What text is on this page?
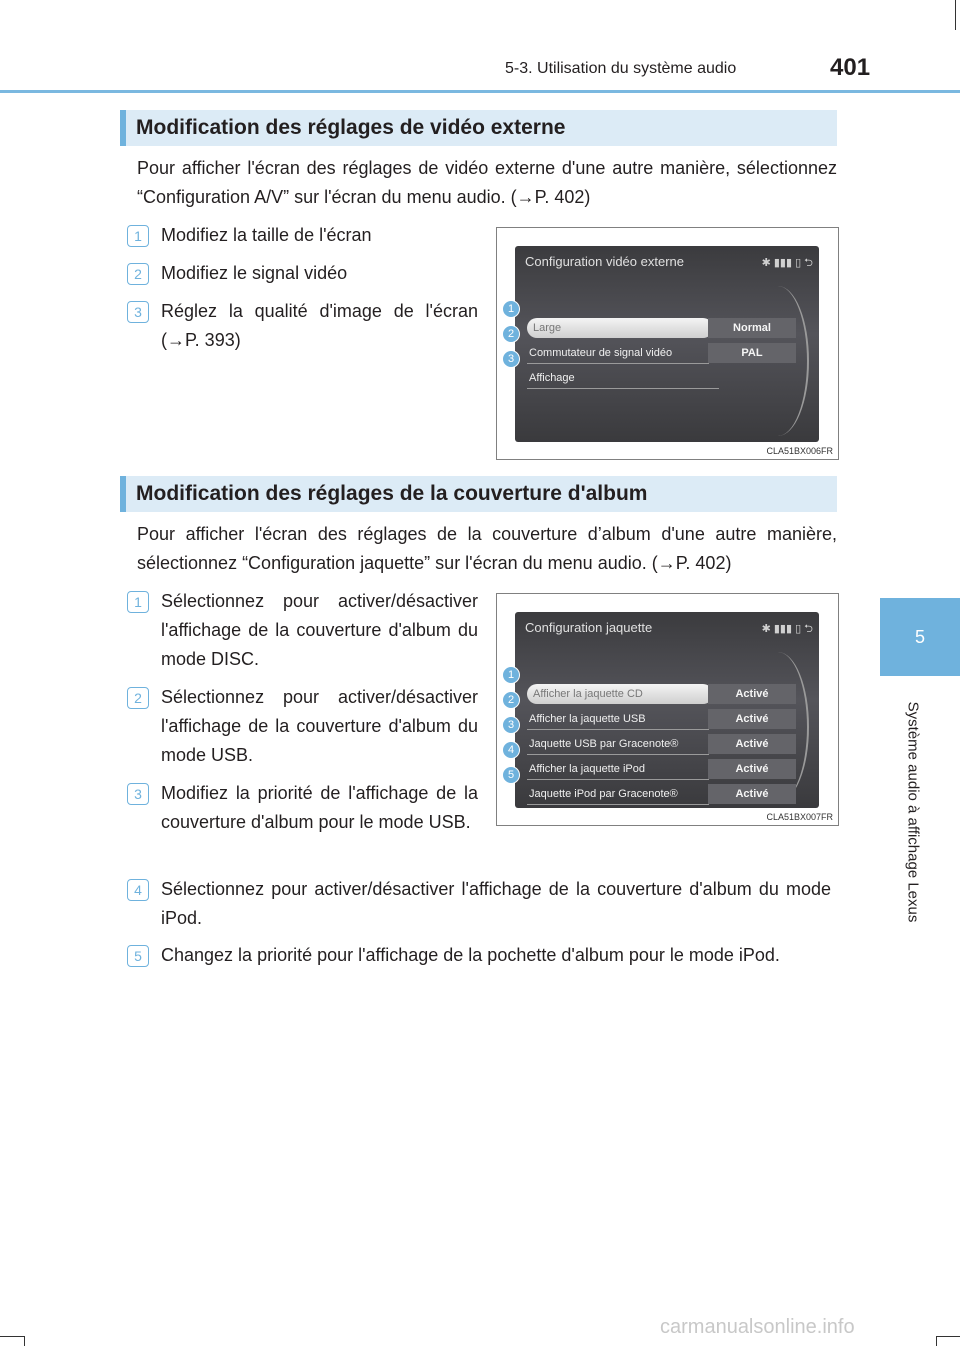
5-3. Utilisation du système audio	401
5
Système audio à affichage Lexus
Modification des réglages de vidéo externe
Pour afficher l'écran des réglages de vidéo externe d'une autre manière, sélectionnez “Configuration A/V” sur l'écran du menu audio. (→P. 402)
1	Modifiez la taille de l'écran
2	Modifiez le signal vidéo
3	Réglez la qualité d'image de l'écran (→P. 393)
Configuration vidéo externe	✱ ▮▮▮ ▯ ⮌
Large	Normal
Commutateur de signal vidéo	PAL
Affichage
1
2
3
CLA51BX006FR
Modification des réglages de la couverture d'album
Pour afficher l'écran des réglages de la couverture d’album d'une autre manière, sélectionnez “Configuration jaquette” sur l'écran du menu audio. (→P. 402)
1	Sélectionnez pour activer/désactiver l'affichage de la couverture d'album du mode DISC.
2	Sélectionnez pour activer/désactiver l'affichage de la couverture d'album du mode USB.
3	Modifiez la priorité de l'affichage de la couverture d'album pour le mode USB.
4	Sélectionnez pour activer/désactiver l'affichage de la couverture d'album du mode iPod.
5	Changez la priorité pour l'affichage de la pochette d'album pour le mode iPod.
Configuration jaquette	✱ ▮▮▮ ▯ ⮌
Afficher la jaquette CD	Activé
Afficher la jaquette USB	Activé
Jaquette USB par Gracenote®	Activé
Afficher la jaquette iPod	Activé
Jaquette iPod par Gracenote®	Activé
1
2
3
4
5
CLA51BX007FR
carmanualsonline.info
